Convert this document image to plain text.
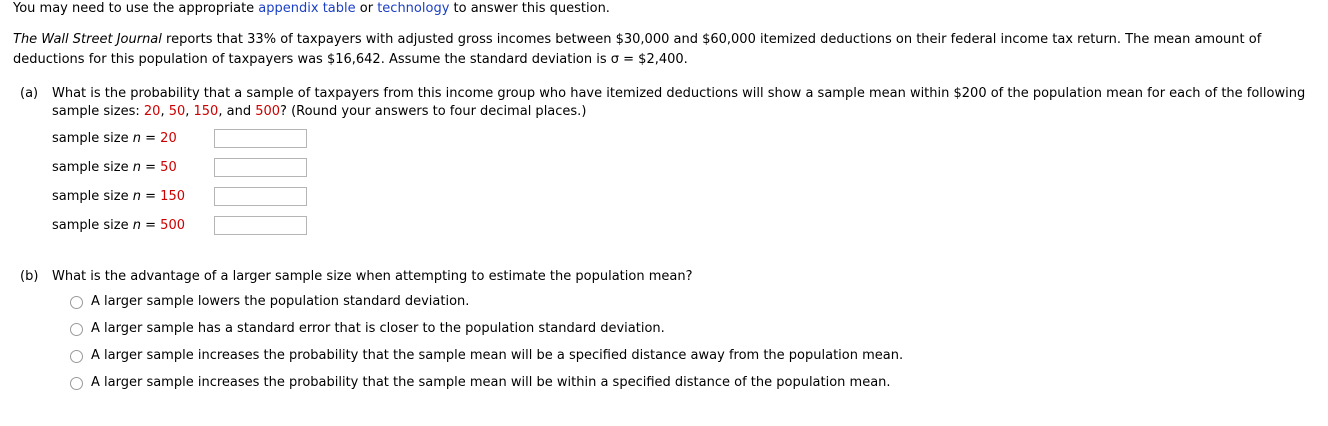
You may need to use the appropriate appendix table or technology to answer this question.
The Wall Street Journal reports that 33% of taxpayers with adjusted gross incomes between $30,000 and $60,000 itemized deductions on their federal income tax return. The mean amount of
deductions for this population of taxpayers was $16,642. Assume the standard deviation is σ = $2,400.
(a) What is the probability that a sample of taxpayers from this income group who have itemized deductions will show a sample mean within $200 of the population mean for each of the following
sample sizes: 20, 50, 150, and 500? (Round your answers to four decimal places.)
sample size n = 20
sample size n = 50
sample size n = 150
sample size n = 500
(b) What is the advantage of a larger sample size when attempting to estimate the population mean?
A larger sample lowers the population standard deviation.
A larger sample has a standard error that is closer to the population standard deviation.
A larger sample increases the probability that the sample mean will be a specified distance away from the population mean.
A larger sample increases the probability that the sample mean will be within a specified distance of the population mean.
